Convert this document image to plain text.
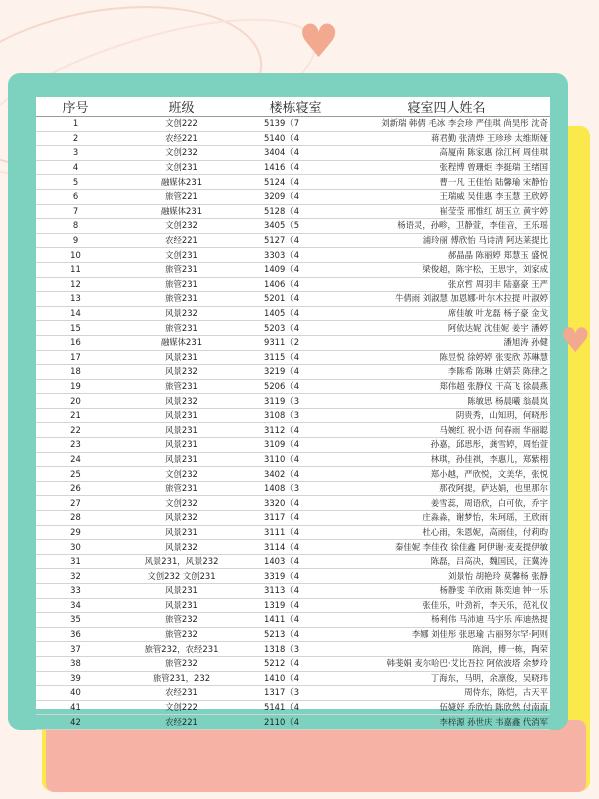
♥
♥
序号	班级	楼栋寝室	寝室四人姓名
1	文创222	5139（7	刘新瑞 韩倩 毛冰 李会珍 严佳琪 尚昊彤 沈奇
2	农经221	5140（4	蒋君勤 张清烨 王珍珍 太维斯娅
3	文创232	3404（4	高厦南 陈家惠 徐江柯 周佳琪
4	文创231	1416（4	张程博 曾珊炬 李挺瑞 王绪国
5	融媒体231	5124（4	曹一凡 王佳怡 陆馨瑜 宋静怡
6	旅管221	3209（4	王瑞威 吴佳惠 李玉慧 王欣婷
7	融媒体231	5128（4	崔莹莹 邢惟红 胡玉立 黄宇婷
8	文创232	3405（5	杨语灵，孙畛，卫静萱，李佳音，王乐瑶
9	农经221	5127（4	浦玲丽 傅欣怡 马诗清 阿达莱提比
10	文创231	3303（4	郝晶晶 陈丽婷 郑慧玉 盛悦
11	旅管231	1409（4	梁俊超，陈宇松，王思宇，刘家成
12	旅管231	1406（4	张京哲 周羽丰 陆嘉豪 王严
13	旅管231	5201（4	牛倩雨 刘淑慧 加恩娜·叶尔木拉提 叶淑婷
14	风景232	1405（4	席佳敏 叶龙磊 杨子豪 金戈
15	旅管231	5203（4	阿依达妮 沈佳妮 姜宇 潘婷
16	融媒体231	9311（2	潘旭涛 孙健
17	风景231	3115（4	陈昱悦 徐婷婷 张雯欣 苏琳慧
18	风景232	3219（4	李陈希 陈琳 庄婧芸 陈律之
19	旅管231	5206（4	郑伟超 张静仪 干高飞 徐晨燕
20	风景232	3119（3	陈敏思 杨晨曦 翁晨岚
21	风景231	3108（3	阴贵秀，山知玥，何晓彤
22	风景231	3112（4	马婉红 祝小语 何春雨 华丽聪
23	风景231	3109（4	孙嘉，邱思彤，龚雪婷，周怡萱
24	风景231	3110（4	林琪，孙佳祺，李惠儿，郑紫栩
25	文创232	3402（4	郑小越，严欣悦，文美华，张悦
26	旅管231	1408（3	那孜阿提，萨达娟，也里那尔
27	文创232	3320（4	姜雪蕊，周语欣，白可依，乔宇
28	风景232	3117（4	庄淼淼，谢梦怡，朱珂瑶，王欣雨
29	风景231	3111（4	杜心雨，朱恩妮，高雨佳，付莉昀
30	风景232	3114（4	秦佳妮 李佳孜 徐佳鑫 阿伊谢·麦麦提伊敏
31	风景231，风景232	1403（4	陈磊，吕高决，魏国民，汪冀涛
32	文创232 文创231	3319（4	刘景怡 胡艳玲 莫馨杨 张静
33	风景231	3113（4	杨静雯 羊欣雨 陈奕迪 钟一乐
34	风景231	1319（4	张佳乐，叶劲祈，李天乐，范礼仪
35	旅管232	1411（4	杨利伟 马沛迪 马宇乐 库迪热提
36	旅管232	5213（4	李娜 刘佳彤 张思瑜 古丽努尔罕·阿则
37	旅管232，农经231	1318（3	陈润，傅一栋，陶荣
38	旅管232	5212（4	韩斐娟 麦尔哈巴·艾比吾拉 阿依波塔 余梦玲
39	旅管231，232	1410（4	丁海东，马明，余凛俊，吴晓玮
40	农经231	1317（3	周侍东，陈恺，古天平
41	文创222	5141（4	伍婕妤 乔欣怡 陈欣然 付南南
42	农经221	2110（4	李梓源 孙世庆 韦嘉鑫 代消军
